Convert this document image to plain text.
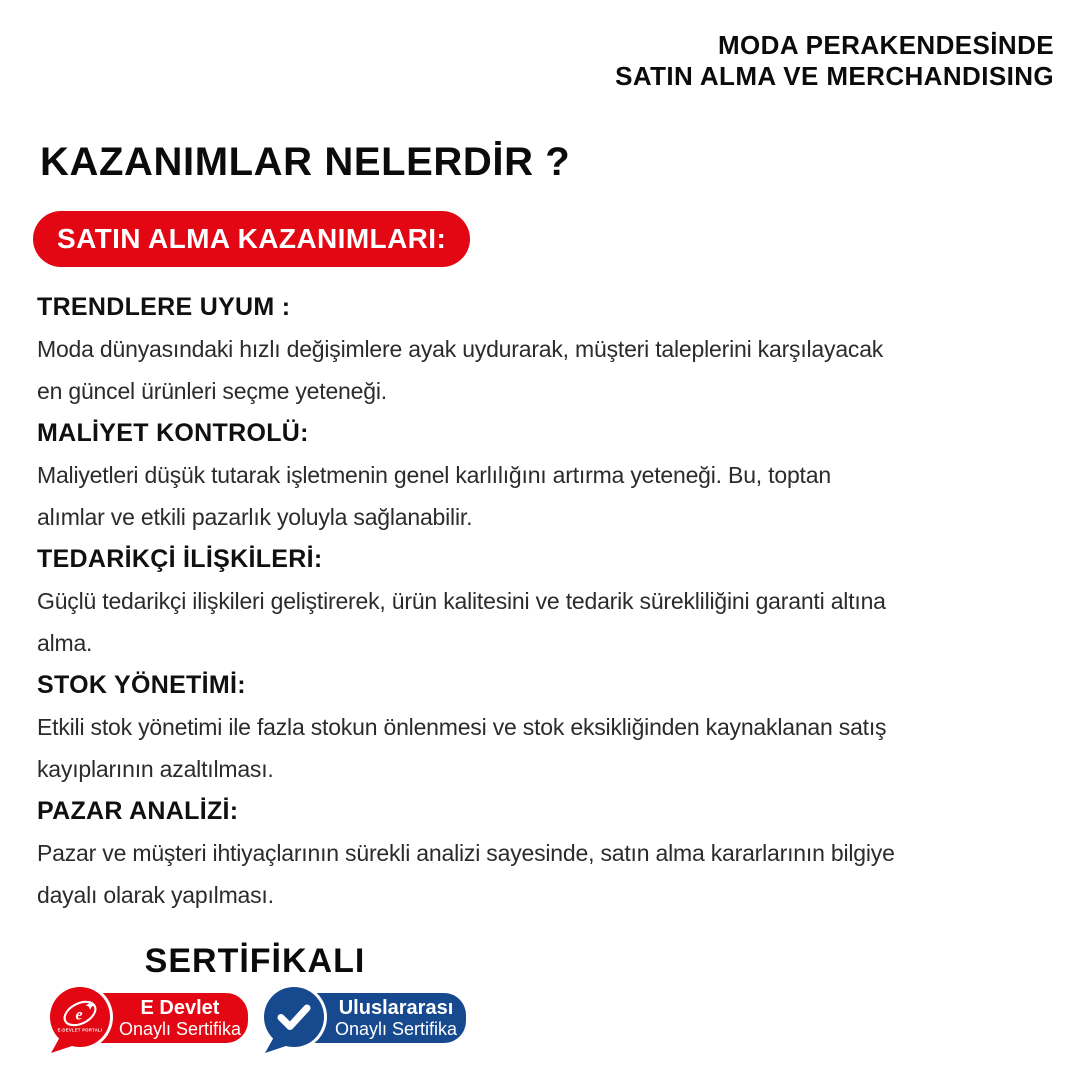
MODA PERAKENDESİNDE
SATIN ALMA VE MERCHANDISING
KAZANIMLAR NELERDİR ?
SATIN ALMA KAZANIMLARI:
TRENDLERE UYUM :
Moda dünyasındaki hızlı değişimlere ayak uydurarak, müşteri taleplerini karşılayacak
en güncel ürünleri seçme yeteneği.
MALİYET KONTROLÜ:
Maliyetleri düşük tutarak işletmenin genel karlılığını artırma yeteneği. Bu, toptan
alımlar ve etkili pazarlık yoluyla sağlanabilir.
TEDARİKÇİ İLİŞKİLERİ:
Güçlü tedarikçi ilişkileri geliştirerek, ürün kalitesini ve tedarik sürekliliğini garanti altına
alma.
STOK YÖNETİMİ:
Etkili stok yönetimi ile fazla stokun önlenmesi ve stok eksikliğinden kaynaklanan satış
kayıplarının azaltılması.
PAZAR ANALİZİ:
Pazar ve müşteri ihtiyaçlarının sürekli analizi sayesinde, satın alma kararlarının bilgiye
dayalı olarak yapılması.
SERTİFİKALI
E Devlet
Onaylı Sertifika
e
E-DEVLET PORTALI
Uluslararası
Onaylı Sertifika
